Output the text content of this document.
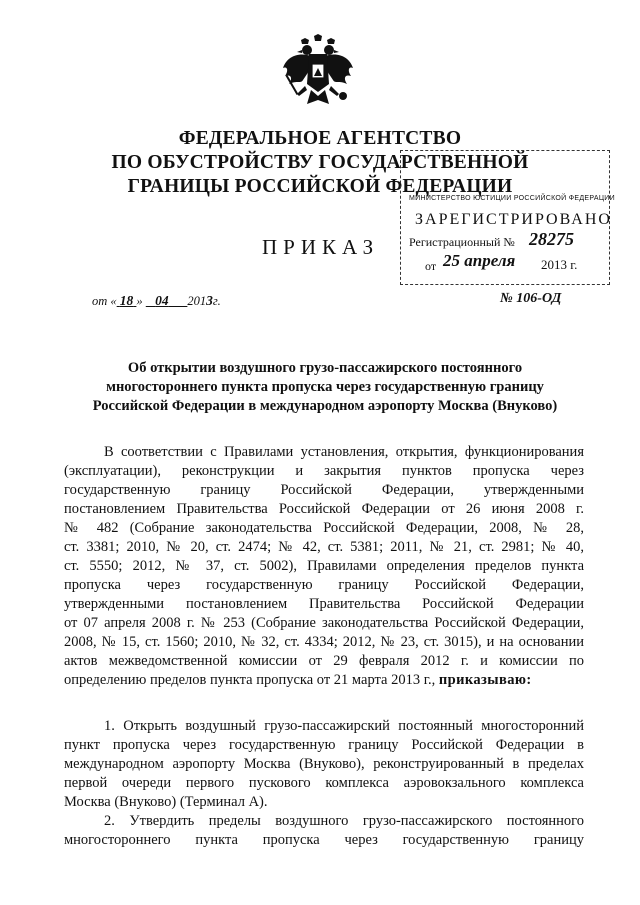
ФЕДЕРАЛЬНОЕ АГЕНТСТВО
ПО ОБУСТРОЙСТВУ ГОСУДАРСТВЕННОЙ
ГРАНИЦЫ РОССИЙСКОЙ ФЕДЕРАЦИИ
МИНИСТЕРСТВО ЮСТИЦИИ РОССИЙСКОЙ ФЕДЕРАЦИИ
ЗАРЕГИСТРИРОВАНО
Регистрационный № 28275
от 25 апреля 2013 г.
ПРИКАЗ
от « 18 » 04 2013г.	№ 106-ОД
Об открытии воздушного грузо-пассажирского постоянного
многостороннего пункта пропуска через государственную границу
Российской Федерации в международном аэропорту Москва (Внуково)
В соответствии с Правилами установления, открытия, функционирования
(эксплуатации), реконструкции и закрытия пунктов пропуска через
государственную границу Российской Федерации, утвержденными
постановлением Правительства Российской Федерации от 26 июня 2008 г.
№ 482 (Собрание законодательства Российской Федерации, 2008, № 28,
ст. 3381; 2010, № 20, ст. 2474; № 42, ст. 5381; 2011, № 21, ст. 2981; № 40,
ст. 5550; 2012, № 37, ст. 5002), Правилами определения пределов пункта
пропуска через государственную границу Российской Федерации,
утвержденными постановлением Правительства Российской Федерации
от 07 апреля 2008 г. № 253 (Собрание законодательства Российской Федерации,
2008, № 15, ст. 1560; 2010, № 32, ст. 4334; 2012, № 23, ст. 3015), и на основании
актов межведомственной комиссии от 29 февраля 2012 г. и комиссии по
определению пределов пункта пропуска от 21 марта 2013 г., приказываю:
1. Открыть воздушный грузо-пассажирский постоянный многосторонний
пункт пропуска через государственную границу Российской Федерации в
международном аэропорту Москва (Внуково), реконструированный в пределах
первой очереди первого пускового комплекса аэровокзального комплекса
Москва (Внуково) (Терминал А).
2. Утвердить пределы воздушного грузо-пассажирского постоянного
многостороннего пункта пропуска через государственную границу
